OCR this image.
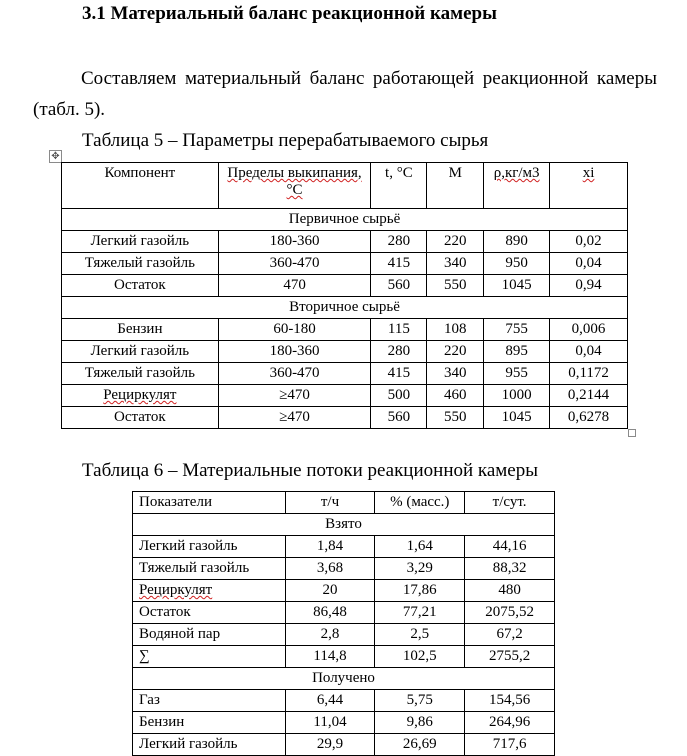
3.1 Материальный баланс реакционной камеры
Составляем материальный баланс работающей реакционной камеры (табл. 5).
Таблица 5 – Параметры перерабатываемого сырья
✥
Компонент	Пределы выкипания,°С	t, °С	М	ρ,кг/м3	xi
Первичное сырьё					
Легкий газойль	180-360	280	220	890	0,02
Тяжелый газойль	360-470	415	340	950	0,04
Остаток	470	560	550	1045	0,94
Вторичное сырьё					
Бензин	60-180	115	108	755	0,006
Легкий газойль	180-360	280	220	895	0,04
Тяжелый газойль	360-470	415	340	955	0,1172
Рециркулят	≥470	500	460	1000	0,2144
Остаток	≥470	560	550	1045	0,6278
Таблица 6 – Материальные потоки реакционной камеры
Показатели	т/ч	% (масс.)	т/сут.
Взято			
Легкий газойль	1,84	1,64	44,16
Тяжелый газойль	3,68	3,29	88,32
Рециркулят	20	17,86	480
Остаток	86,48	77,21	2075,52
Водяной пар	2,8	2,5	67,2
∑	114,8	102,5	2755,2
Получено			
Газ	6,44	5,75	154,56
Бензин	11,04	9,86	264,96
Легкий газойль	29,9	26,69	717,6
